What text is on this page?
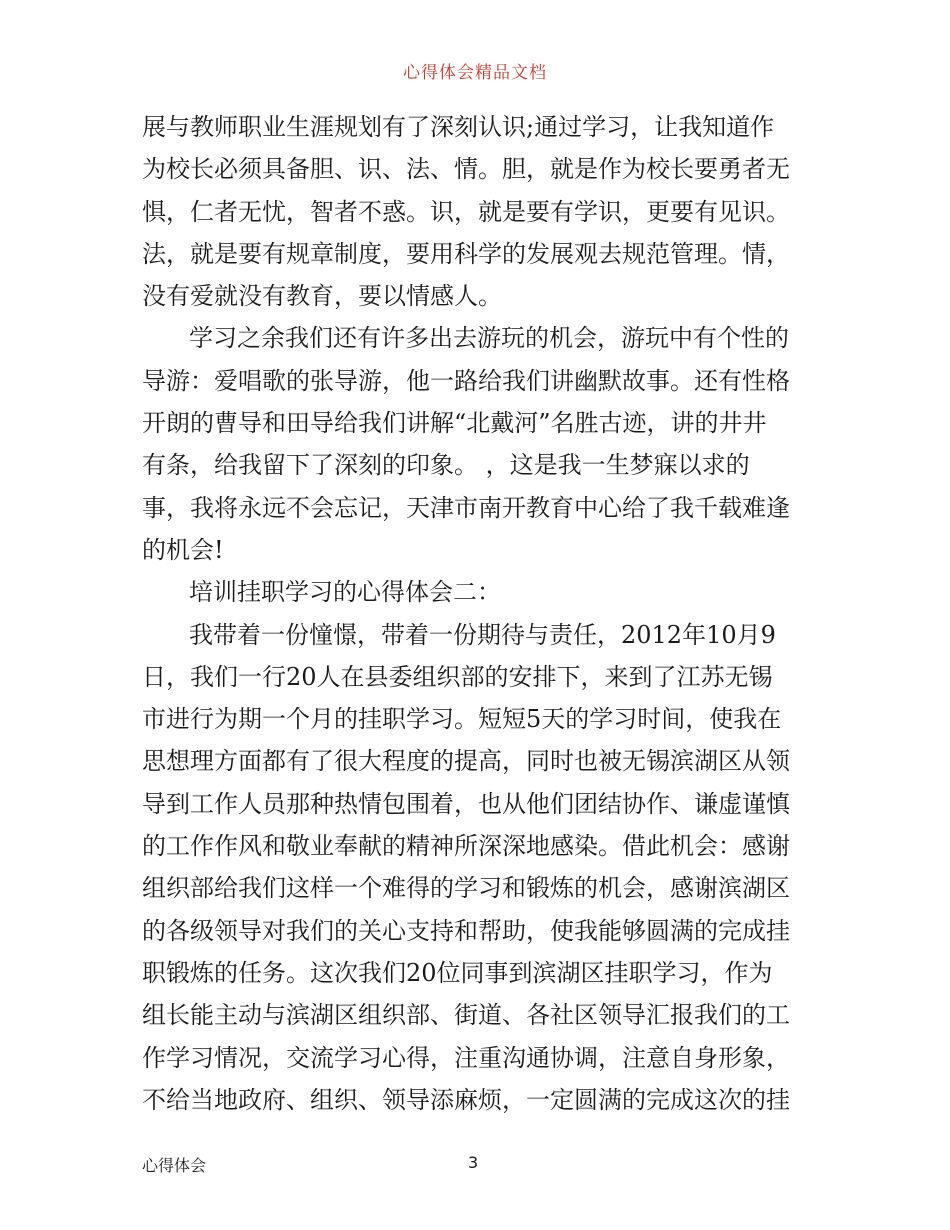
心得体会精品文档
展与教师职业生涯规划有了深刻认识;通过学习，让我知道作
为校长必须具备胆、识、法、情。胆，就是作为校长要勇者无
惧，仁者无忧，智者不惑。识，就是要有学识，更要有见识。
法，就是要有规章制度，要用科学的发展观去规范管理。情，
没有爱就没有教育，要以情感人。
学习之余我们还有许多出去游玩的机会，游玩中有个性的
导游：爱唱歌的张导游，他一路给我们讲幽默故事。还有性格
开朗的曹导和田导给我们讲解“北戴河”名胜古迹，讲的井井
有条，给我留下了深刻的印象。 ，这是我一生梦寐以求的
事，我将永远不会忘记，天津市南开教育中心给了我千载难逢
的机会!
培训挂职学习的心得体会二：
我带着一份憧憬，带着一份期待与责任，2012年10月9
日，我们一行20人在县委组织部的安排下，来到了江苏无锡
市进行为期一个月的挂职学习。短短5天的学习时间，使我在
思想理方面都有了很大程度的提高，同时也被无锡滨湖区从领
导到工作人员那种热情包围着，也从他们团结协作、谦虚谨慎
的工作作风和敬业奉献的精神所深深地感染。借此机会：感谢
组织部给我们这样一个难得的学习和锻炼的机会，感谢滨湖区
的各级领导对我们的关心支持和帮助，使我能够圆满的完成挂
职锻炼的任务。这次我们20位同事到滨湖区挂职学习，作为
组长能主动与滨湖区组织部、街道、各社区领导汇报我们的工
作学习情况，交流学习心得，注重沟通协调，注意自身形象，
不给当地政府、组织、领导添麻烦，一定圆满的完成这次的挂
心得体会	3
